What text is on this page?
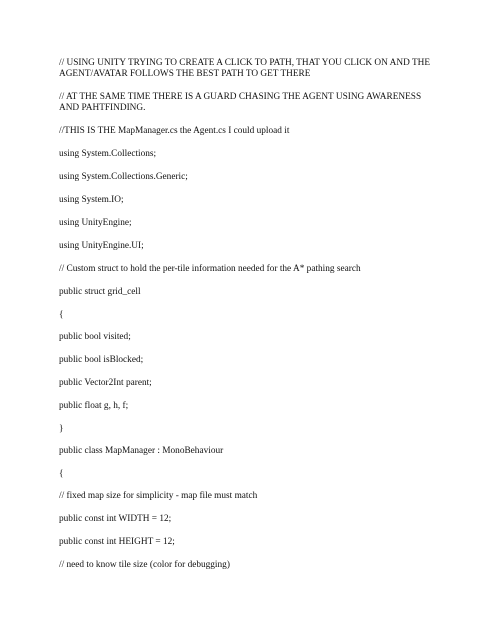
// USING UNITY TRYING TO CREATE A CLICK TO PATH, THAT YOU CLICK ON AND THE AGENT/AVATAR FOLLOWS THE BEST PATH TO GET THERE

// AT THE SAME TIME THERE IS A GUARD CHASING THE AGENT USING AWARENESS AND PAHTFINDING.

//THIS IS THE MapManager.cs the Agent.cs I could upload it

using System.Collections;

using System.Collections.Generic;

using System.IO;

using UnityEngine;

using UnityEngine.UI;

// Custom struct to hold the per-tile information needed for the A* pathing search

public struct grid_cell

{

public bool visited;

public bool isBlocked;

public Vector2Int parent;

public float g, h, f;

}

public class MapManager : MonoBehaviour

{

// fixed map size for simplicity - map file must match

public const int WIDTH = 12;

public const int HEIGHT = 12;

// need to know tile size (color for debugging)
